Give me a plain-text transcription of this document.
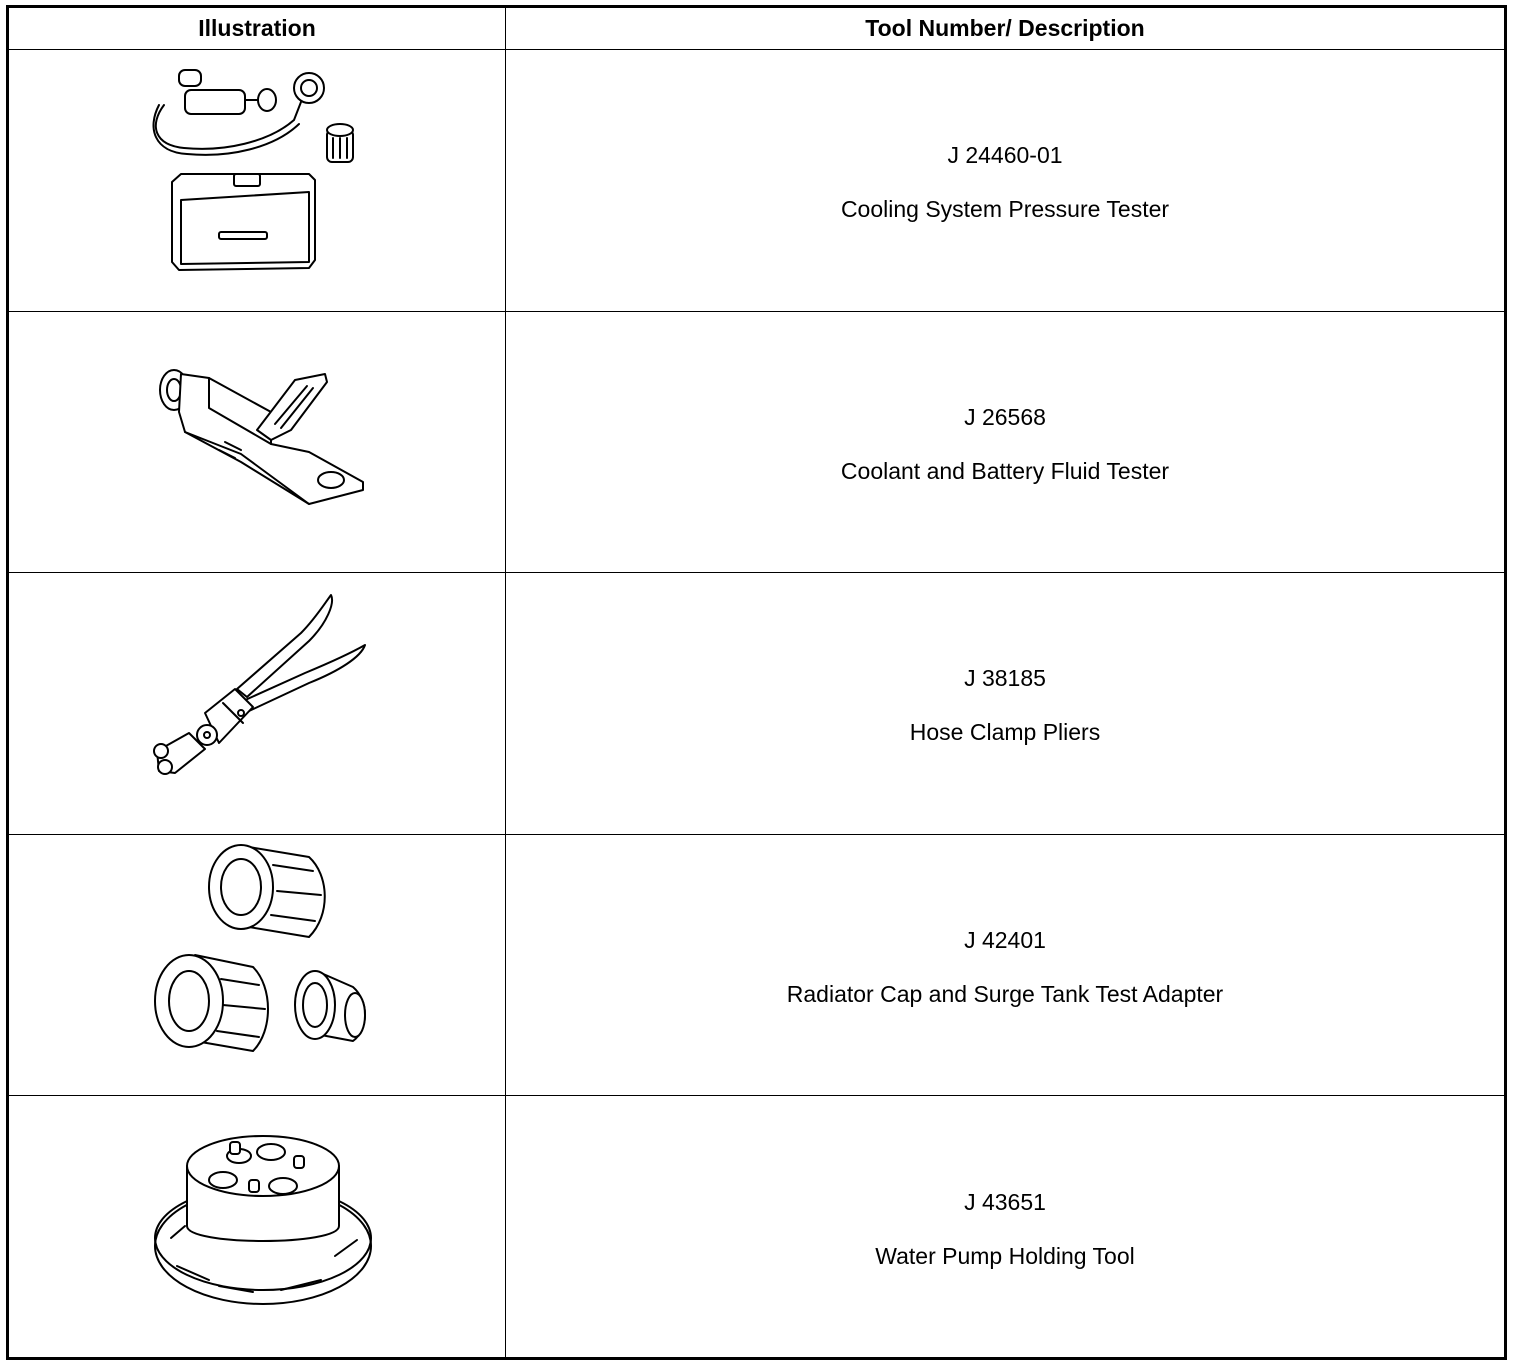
Illustration	Tool Number/ Description

J 24460-01
Cooling System Pressure Tester

J 26568
Coolant and Battery Fluid Tester

J 38185
Hose Clamp Pliers

J 42401
Radiator Cap and Surge Tank Test Adapter

J 43651
Water Pump Holding Tool
